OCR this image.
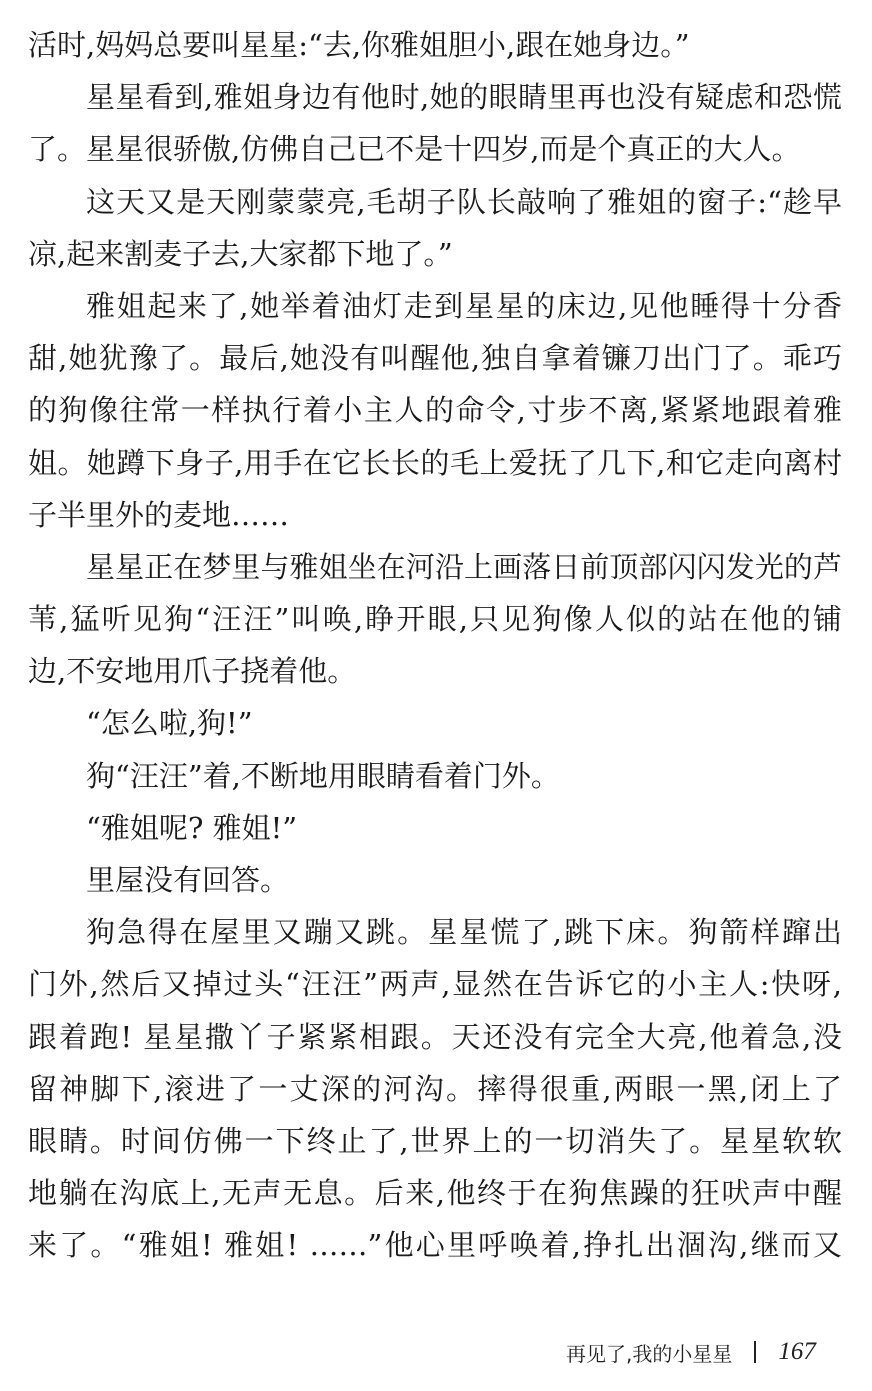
活时,妈妈总要叫星星:“去,你雅姐胆小,跟在她身边。”
星星看到,雅姐身边有他时,她的眼睛里再也没有疑虑和恐慌
了。星星很骄傲,仿佛自己已不是十四岁,而是个真正的大人。
这天又是天刚蒙蒙亮,毛胡子队长敲响了雅姐的窗子:“趁早
凉,起来割麦子去,大家都下地了。”
雅姐起来了,她举着油灯走到星星的床边,见他睡得十分香
甜,她犹豫了。最后,她没有叫醒他,独自拿着镰刀出门了。乖巧
的狗像往常一样执行着小主人的命令,寸步不离,紧紧地跟着雅
姐。她蹲下身子,用手在它长长的毛上爱抚了几下,和它走向离村
子半里外的麦地……
星星正在梦里与雅姐坐在河沿上画落日前顶部闪闪发光的芦
苇,猛听见狗“汪汪”叫唤,睁开眼,只见狗像人似的站在他的铺
边,不安地用爪子挠着他。
“怎么啦,狗!”
狗“汪汪”着,不断地用眼睛看着门外。
“雅姐呢? 雅姐!”
里屋没有回答。
狗急得在屋里又蹦又跳。星星慌了,跳下床。狗箭样蹿出
门外,然后又掉过头“汪汪”两声,显然在告诉它的小主人:快呀,
跟着跑! 星星撒丫子紧紧相跟。天还没有完全大亮,他着急,没
留神脚下,滚进了一丈深的河沟。摔得很重,两眼一黑,闭上了
眼睛。时间仿佛一下终止了,世界上的一切消失了。星星软软
地躺在沟底上,无声无息。后来,他终于在狗焦躁的狂吠声中醒
来了。“雅姐! 雅姐! ……”他心里呼唤着,挣扎出涸沟,继而又
再见了,我的小星星 167
